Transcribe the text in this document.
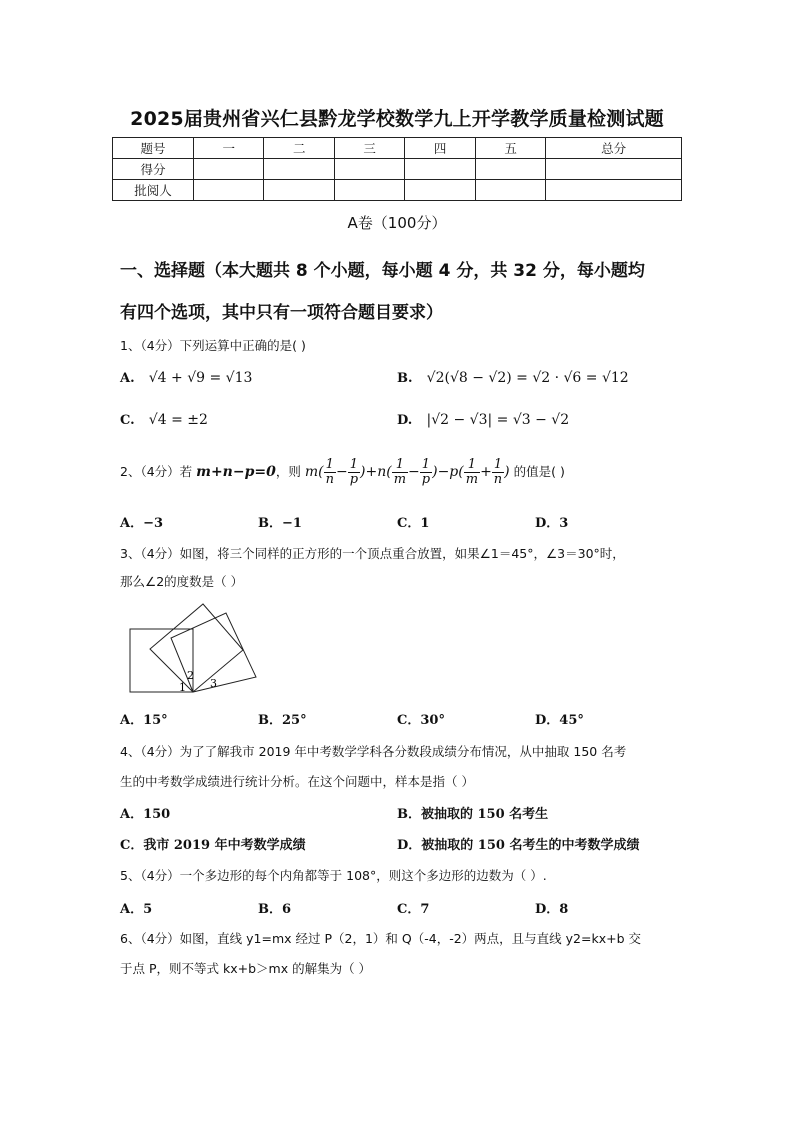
2025届贵州省兴仁县黔龙学校数学九上开学教学质量检测试题
题号	一	二	三	四	五	总分
得分						
批阅人						
A卷（100分）
一、选择题（本大题共 8 个小题，每小题 4 分，共 32 分，每小题均
有四个选项，其中只有一项符合题目要求）
1、（4分）下列运算中正确的是( )
A. √4 + √9 = √13	B. √2(√8 − √2) = √2 · √6 = √12
C. √4 = ±2	D. |√2 − √3| = √3 − √2
2、（4分）若 m+n−p=0，则 $m( \frac{1}{n} - \frac{1}{p} )+n( \frac{1}{m} - \frac{1}{p} )-p( \frac{1}{m} + \frac{1}{n}$ ) 的值是( )
A．−3	B．−1	C．1	D．3
3、（4分）如图，将三个同样的正方形的一个顶点重合放置，如果∠1＝45°，∠3＝30°时，
那么∠2的度数是（ ）
1
2
3
A．15°	B．25°	C．30°	D．45°
4、（4分）为了了解我市 2019 年中考数学学科各分数段成绩分布情况，从中抽取 150 名考
生的中考数学成绩进行统计分析。在这个问题中，样本是指（ ）
A．150	B．被抽取的 150 名考生
C．我市 2019 年中考数学成绩	D．被抽取的 150 名考生的中考数学成绩
5、（4分）一个多边形的每个内角都等于 108°，则这个多边形的边数为（ ）.
A．5	B．6	C．7	D．8
6、（4分）如图，直线 y1=mx 经过 P（2，1）和 Q（-4，-2）两点，且与直线 y2=kx+b 交
于点 P，则不等式 kx+b＞mx 的解集为（ ）
